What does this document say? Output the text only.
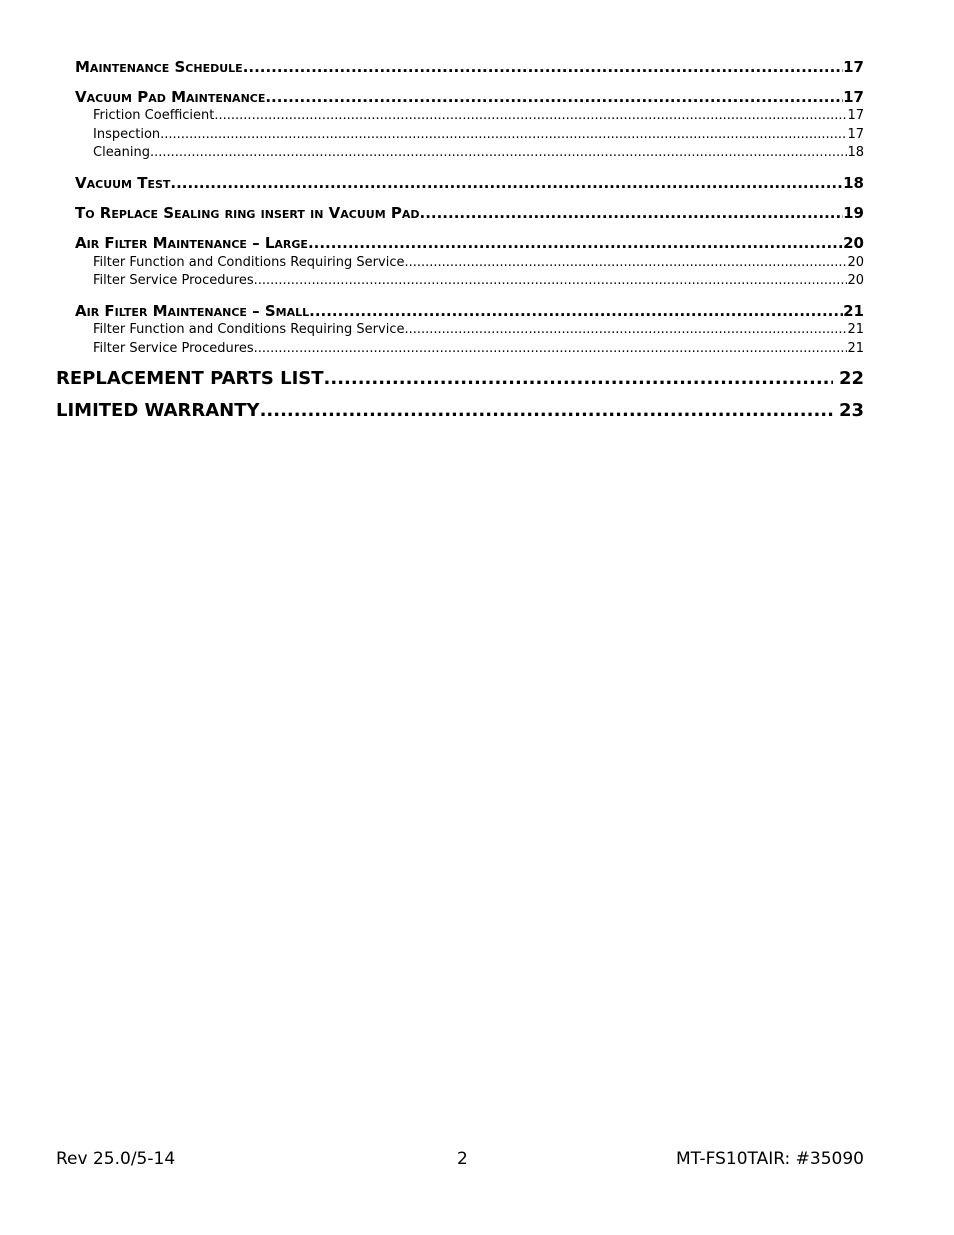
Maintenance Schedule .....	17
Vacuum Pad Maintenance .....	17
Friction Coefficient .....	17
Inspection .....	17
Cleaning .....	18
Vacuum Test .....	18
To Replace Sealing ring insert in Vacuum Pad .....	19
Air Filter Maintenance – Large .....	20
Filter Function and Conditions Requiring Service .....	20
Filter Service Procedures .....	20
Air Filter Maintenance – Small .....	21
Filter Function and Conditions Requiring Service .....	21
Filter Service Procedures .....	21
REPLACEMENT PARTS LIST .....	22
LIMITED WARRANTY .....	23
Rev 25.0/5-14	2	MT-FS10TAIR: #35090
